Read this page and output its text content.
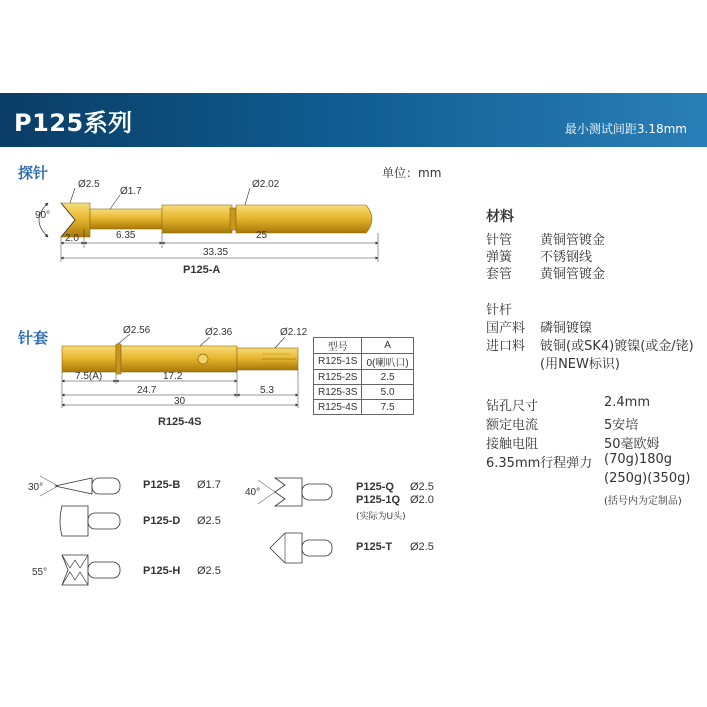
P125系列	最小测试间距3.18mm
探针	单位：mm
90°
Ø2.5
Ø1.7
Ø2.02
2.0	6.35	25
33.35
P125-A
针套	Ø2.56	Ø2.36	Ø2.12
7.5(A)	17.2
24.7	5.3
30
R125-4S
型号	A
R125-1S	0(喇叭口)
R125-2S	2.5
R125-3S	5.0
R125-4S	7.5
30°	P125-B Ø1.7
P125-D Ø2.5
55°	P125-H Ø2.5
40°	P125-Q Ø2.5
P125-1Q Ø2.0
(实际为U头)
P125-T Ø2.5
材料
针管 黄铜管镀金
弹簧 不锈钢线
套管 黄铜管镀金
针杆
国产料 磷铜镀镍
进口料 铍铜(或SK4)镀镍(或金/铑)
(用NEW标识)
钻孔尺寸	2.4mm
额定电流	5安培
接触电阻	50毫欧姆
6.35mm行程弹力 (70g)180g
(250g)(350g)
(括号内为定制品)
